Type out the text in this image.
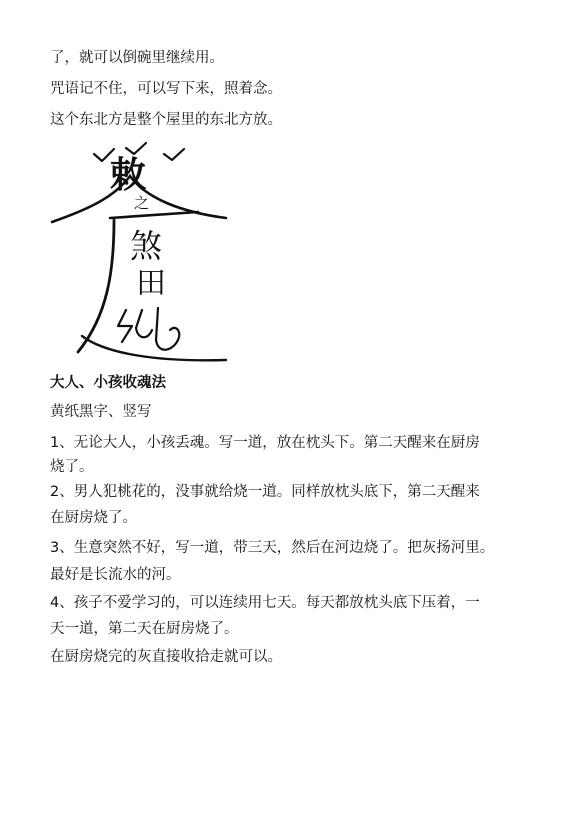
了，就可以倒碗里继续用。
咒语记不住，可以写下来，照着念。
这个东北方是整个屋里的东北方放。
敕
之
煞
田
大人、小孩收魂法
黄纸黑字、竖写
1、无论大人，小孩丢魂。写一道，放在枕头下。第二天醒来在厨房
烧了。
2、男人犯桃花的，没事就给烧一道。同样放枕头底下，第二天醒来
在厨房烧了。
3、生意突然不好，写一道，带三天，然后在河边烧了。把灰扬河里。
最好是长流水的河。
4、孩子不爱学习的，可以连续用七天。每天都放枕头底下压着，一
天一道，第二天在厨房烧了。
在厨房烧完的灰直接收拾走就可以。
